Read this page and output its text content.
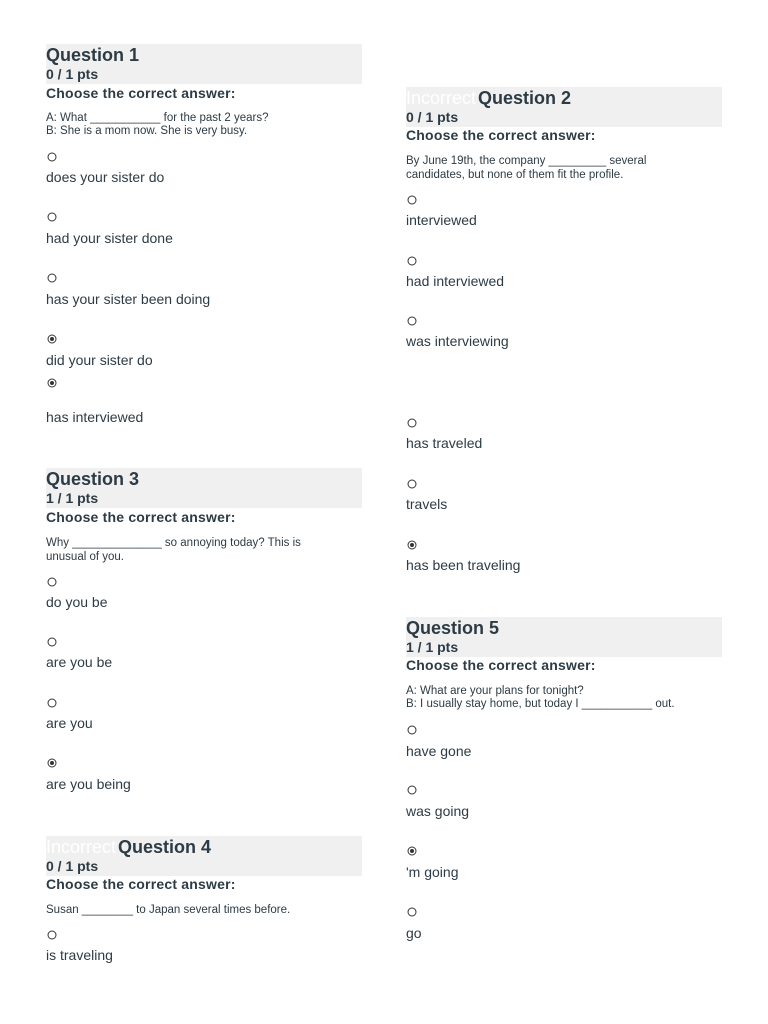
Question 1
0 / 1 pts
Choose the correct answer:
A: What ___________ for the past 2 years?
B: She is a mom now. She is very busy.
does your sister do
had your sister done
has your sister been doing
did your sister do
has interviewed
Question 3
1 / 1 pts
Choose the correct answer:
Why ______________ so annoying today? This is
unusual of you.
do you be
are you be
are you
are you being
Incorrect Question 4
0 / 1 pts
Choose the correct answer:
Susan ________ to Japan several times before.
is traveling
Incorrect Question 2
0 / 1 pts
Choose the correct answer:
By June 19th, the company _________ several
candidates, but none of them fit the profile.
interviewed
had interviewed
was interviewing
has traveled
travels
has been traveling
Question 5
1 / 1 pts
Choose the correct answer:
A: What are your plans for tonight?
B: I usually stay home, but today I ___________ out.
have gone
was going
'm going
go
